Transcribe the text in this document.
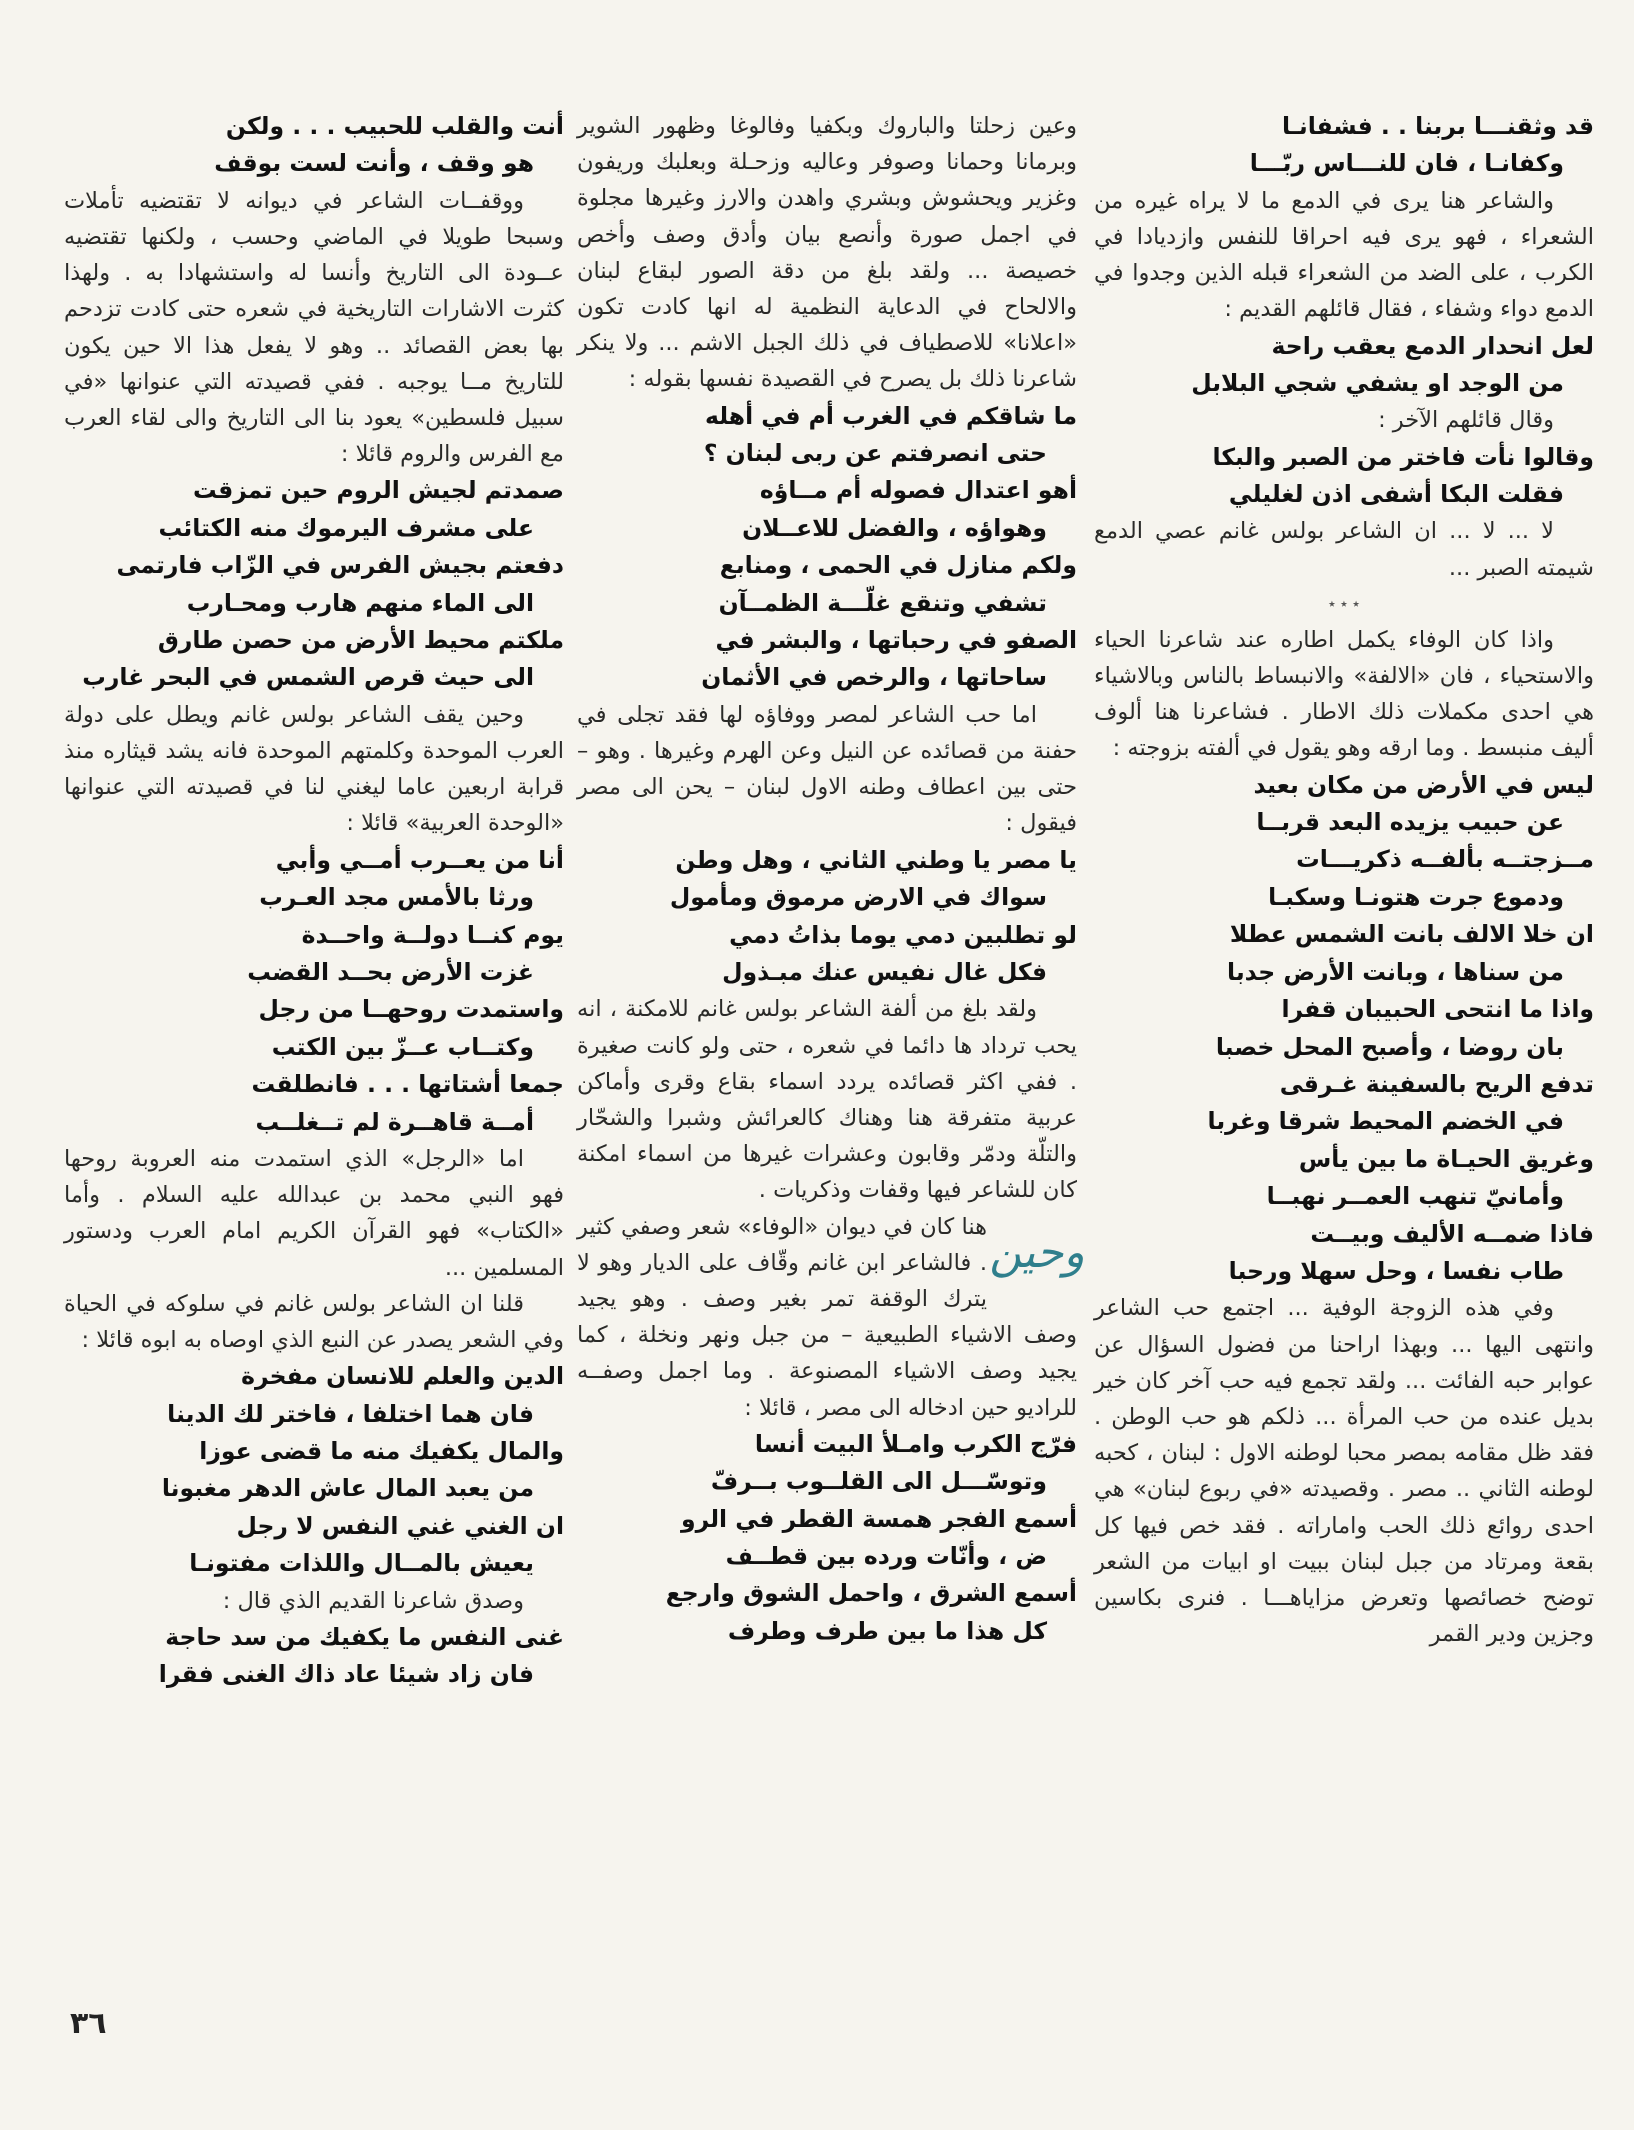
قد وثقنـــا بربنا . . فشفانـا

وكفانـا ، فان للنـــاس ربّـــا

والشاعر هنا يرى في الدمع ما لا يراه غيره من الشعراء ، فهو يرى فيه احراقا للنفس وازديادا في الكرب ، على الضد من الشعراء قبله الذين وجدوا في الدمع دواء وشفاء ، فقال قائلهم القديم :

لعل انحدار الدمع يعقب راحة

من الوجد او يشفي شجي البلابل

وقال قائلهم الآخر :

وقالوا نأت فاختر من الصبر والبكا

فقلت البكا أشفى اذن لغليلي

لا ... لا ... ان الشاعر بولس غانم عصي الدمع شيمته الصبر ...

٭ ٭ ٭

واذا كان الوفاء يكمل اطاره عند شاعرنا الحياء والاستحياء ، فان «الالفة» والانبساط بالناس وبالاشياء هي احدى مكملات ذلك الاطار . فشاعرنا هنا ألوف أليف منبسط . وما ارقه وهو يقول في ألفته بزوجته :

ليس في الأرض من مكان بعيد

عن حبيب يزيده البعد قربــا

مــزجتــه بألفــه ذكريـــات

ودموع جرت هتونـا وسكبـا

ان خلا الالف بانت الشمس عطلا

من سناها ، وبانت الأرض جدبا

واذا ما انتحى الحبيبان قفرا

بان روضا ، وأصبح المحل خصبا

تدفع الريح بالسفينة غـرقى

في الخضم المحيط شرقا وغربا

وغريق الحيـاة ما بين يأس

وأمانيّ تنهب العمــر نهبــا

فاذا ضمــه الأليف وبيــت

طاب نفسا ، وحل سهلا ورحبا

وفي هذه الزوجة الوفية ... اجتمع حب الشاعر وانتهى اليها ... وبهذا اراحنا من فضول السؤال عن عوابر حبه الفائت ... ولقد تجمع فيه حب آخر كان خير بديل عنده من حب المرأة ... ذلكم هو حب الوطن . فقد ظل مقامه بمصر محبا لوطنه الاول : لبنان ، كحبه لوطنه الثاني .. مصر . وقصيدته «في ربوع لبنان» هي احدى روائع ذلك الحب واماراته . فقد خص فيها كل بقعة ومرتاد من جبل لبنان ببيت او ابيات من الشعر توضح خصائصها وتعرض مزاياهـــا . فنرى بكاسين وجزين ودير القمر

وعين زحلتا والباروك وبكفيا وفالوغا وظهور الشوير وبرمانا وحمانا وصوفر وعاليه وزحـلة وبعلبك وريفون وغزير ويحشوش وبشري واهدن والارز وغيرها مجلوة في اجمل صورة وأنصع بيان وأدق وصف وأخص خصيصة ... ولقد بلغ من دقة الصور لبقاع لبنان والالحاح في الدعاية النظمية له انها كادت تكون «اعلانا» للاصطياف في ذلك الجبل الاشم ... ولا ينكر شاعرنا ذلك بل يصرح في القصيدة نفسها بقوله :

ما شاقكم في الغرب أم في أهله

حتى انصرفتم عن ربى لبنان ؟

أهو اعتدال فصوله أم مــاؤه

وهواؤه ، والفضل للاعــلان

ولكم منازل في الحمى ، ومنابع

تشفي وتنقع غلّـــة الظمــآن

الصفو في رحباتها ، والبشر في

ساحاتها ، والرخص في الأثمان

اما حب الشاعر لمصر ووفاؤه لها فقد تجلى في حفنة من قصائده عن النيل وعن الهرم وغيرها . وهو – حتى بين اعطاف وطنه الاول لبنان – يحن الى مصر فيقول :

يا مصر يا وطني الثاني ، وهل وطن

سواك في الارض مرموق ومأمول

لو تطلبين دمي يوما بذاتُ دمي

فكل غال نفيس عنك مبـذول

ولقد بلغ من ألفة الشاعر بولس غانم للامكنة ، انه يحب ترداد ها دائما في شعره ، حتى ولو كانت صغيرة . ففي اكثر قصائده يردد اسماء بقاع وقرى وأماكن عربية متفرقة هنا وهناك كالعرائش وشبرا والشحّار والتلّة ودمّر وقابون وعشرات غيرها من اسماء امكنة كان للشاعر فيها وقفات وذكريات .

وحين
هنا كان في ديوان «الوفاء» شعر وصفي كثير . فالشاعر ابن غانم وقّاف على الديار وهو لا يترك الوقفة تمر بغير وصف . وهو يجيد وصف الاشياء الطبيعية – من جبل ونهر ونخلة ، كما يجيد وصف الاشياء المصنوعة . وما اجمل وصفــه للراديو حين ادخاله الى مصر ، قائلا :

فرّج الكرب وامـلأ البيت أنسا

وتوسّـــل الى القلــوب بــرفّ

أسمع الفجر همسة القطر في الرو

ض ، وأنّات ورده بين قطــف

أسمع الشرق ، واحمل الشوق وارجع

كل هذا ما بين طرف وطرف

أنت والقلب للحبيب . . . ولكن

هو وقف ، وأنت لست بوقف

ووقفــات الشاعر في ديوانه لا تقتضيه تأملات وسبحا طويلا في الماضي وحسب ، ولكنها تقتضيه عــودة الى التاريخ وأنسا له واستشهادا به . ولهذا كثرت الاشارات التاريخية في شعره حتى كادت تزدحم بها بعض القصائد .. وهو لا يفعل هذا الا حين يكون للتاريخ مــا يوجبه . ففي قصيدته التي عنوانها «في سبيل فلسطين» يعود بنا الى التاريخ والى لقاء العرب مع الفرس والروم قائلا :

صمدتم لجيش الروم حين تمزقت

على مشرف اليرموك منه الكتائب

دفعتم بجيش الفرس في الزّاب فارتمى

الى الماء منهم هارب ومحـارب

ملكتم محيط الأرض من حصن طارق

الى حيث قرص الشمس في البحر غارب

وحين يقف الشاعر بولس غانم ويطل على دولة العرب الموحدة وكلمتهم الموحدة فانه يشد قيثاره منذ قرابة اربعين عاما ليغني لنا في قصيدته التي عنوانها «الوحدة العربية» قائلا :

أنا من يعــرب أمــي وأبي

ورثا بالأمس مجد العـرب

يوم كنــا دولــة واحــدة

غزت الأرض بحــد القضب

واستمدت روحهــا من رجل

وكتــاب عــزّ بين الكتب

جمعا أشتاتها . . . فانطلقت

أمــة قاهــرة لم تــغلــب

اما «الرجل» الذي استمدت منه العروبة روحها فهو النبي محمد بن عبدالله عليه السلام . وأما «الكتاب» فهو القرآن الكريم امام العرب ودستور المسلمين ...

قلنا ان الشاعر بولس غانم في سلوكه في الحياة وفي الشعر يصدر عن النبع الذي اوصاه به ابوه قائلا :

الدين والعلم للانسان مفخرة

فان هما اختلفا ، فاختر لك الدينا

والمال يكفيك منه ما قضى عوزا

من يعبد المال عاش الدهر مغبونا

ان الغني غني النفس لا رجل

يعيش بالمــال واللذات مفتونـا

وصدق شاعرنا القديم الذي قال :

غنى النفس ما يكفيك من سد حاجة

فان زاد شيئا عاد ذاك الغنى فقرا

٣٦
